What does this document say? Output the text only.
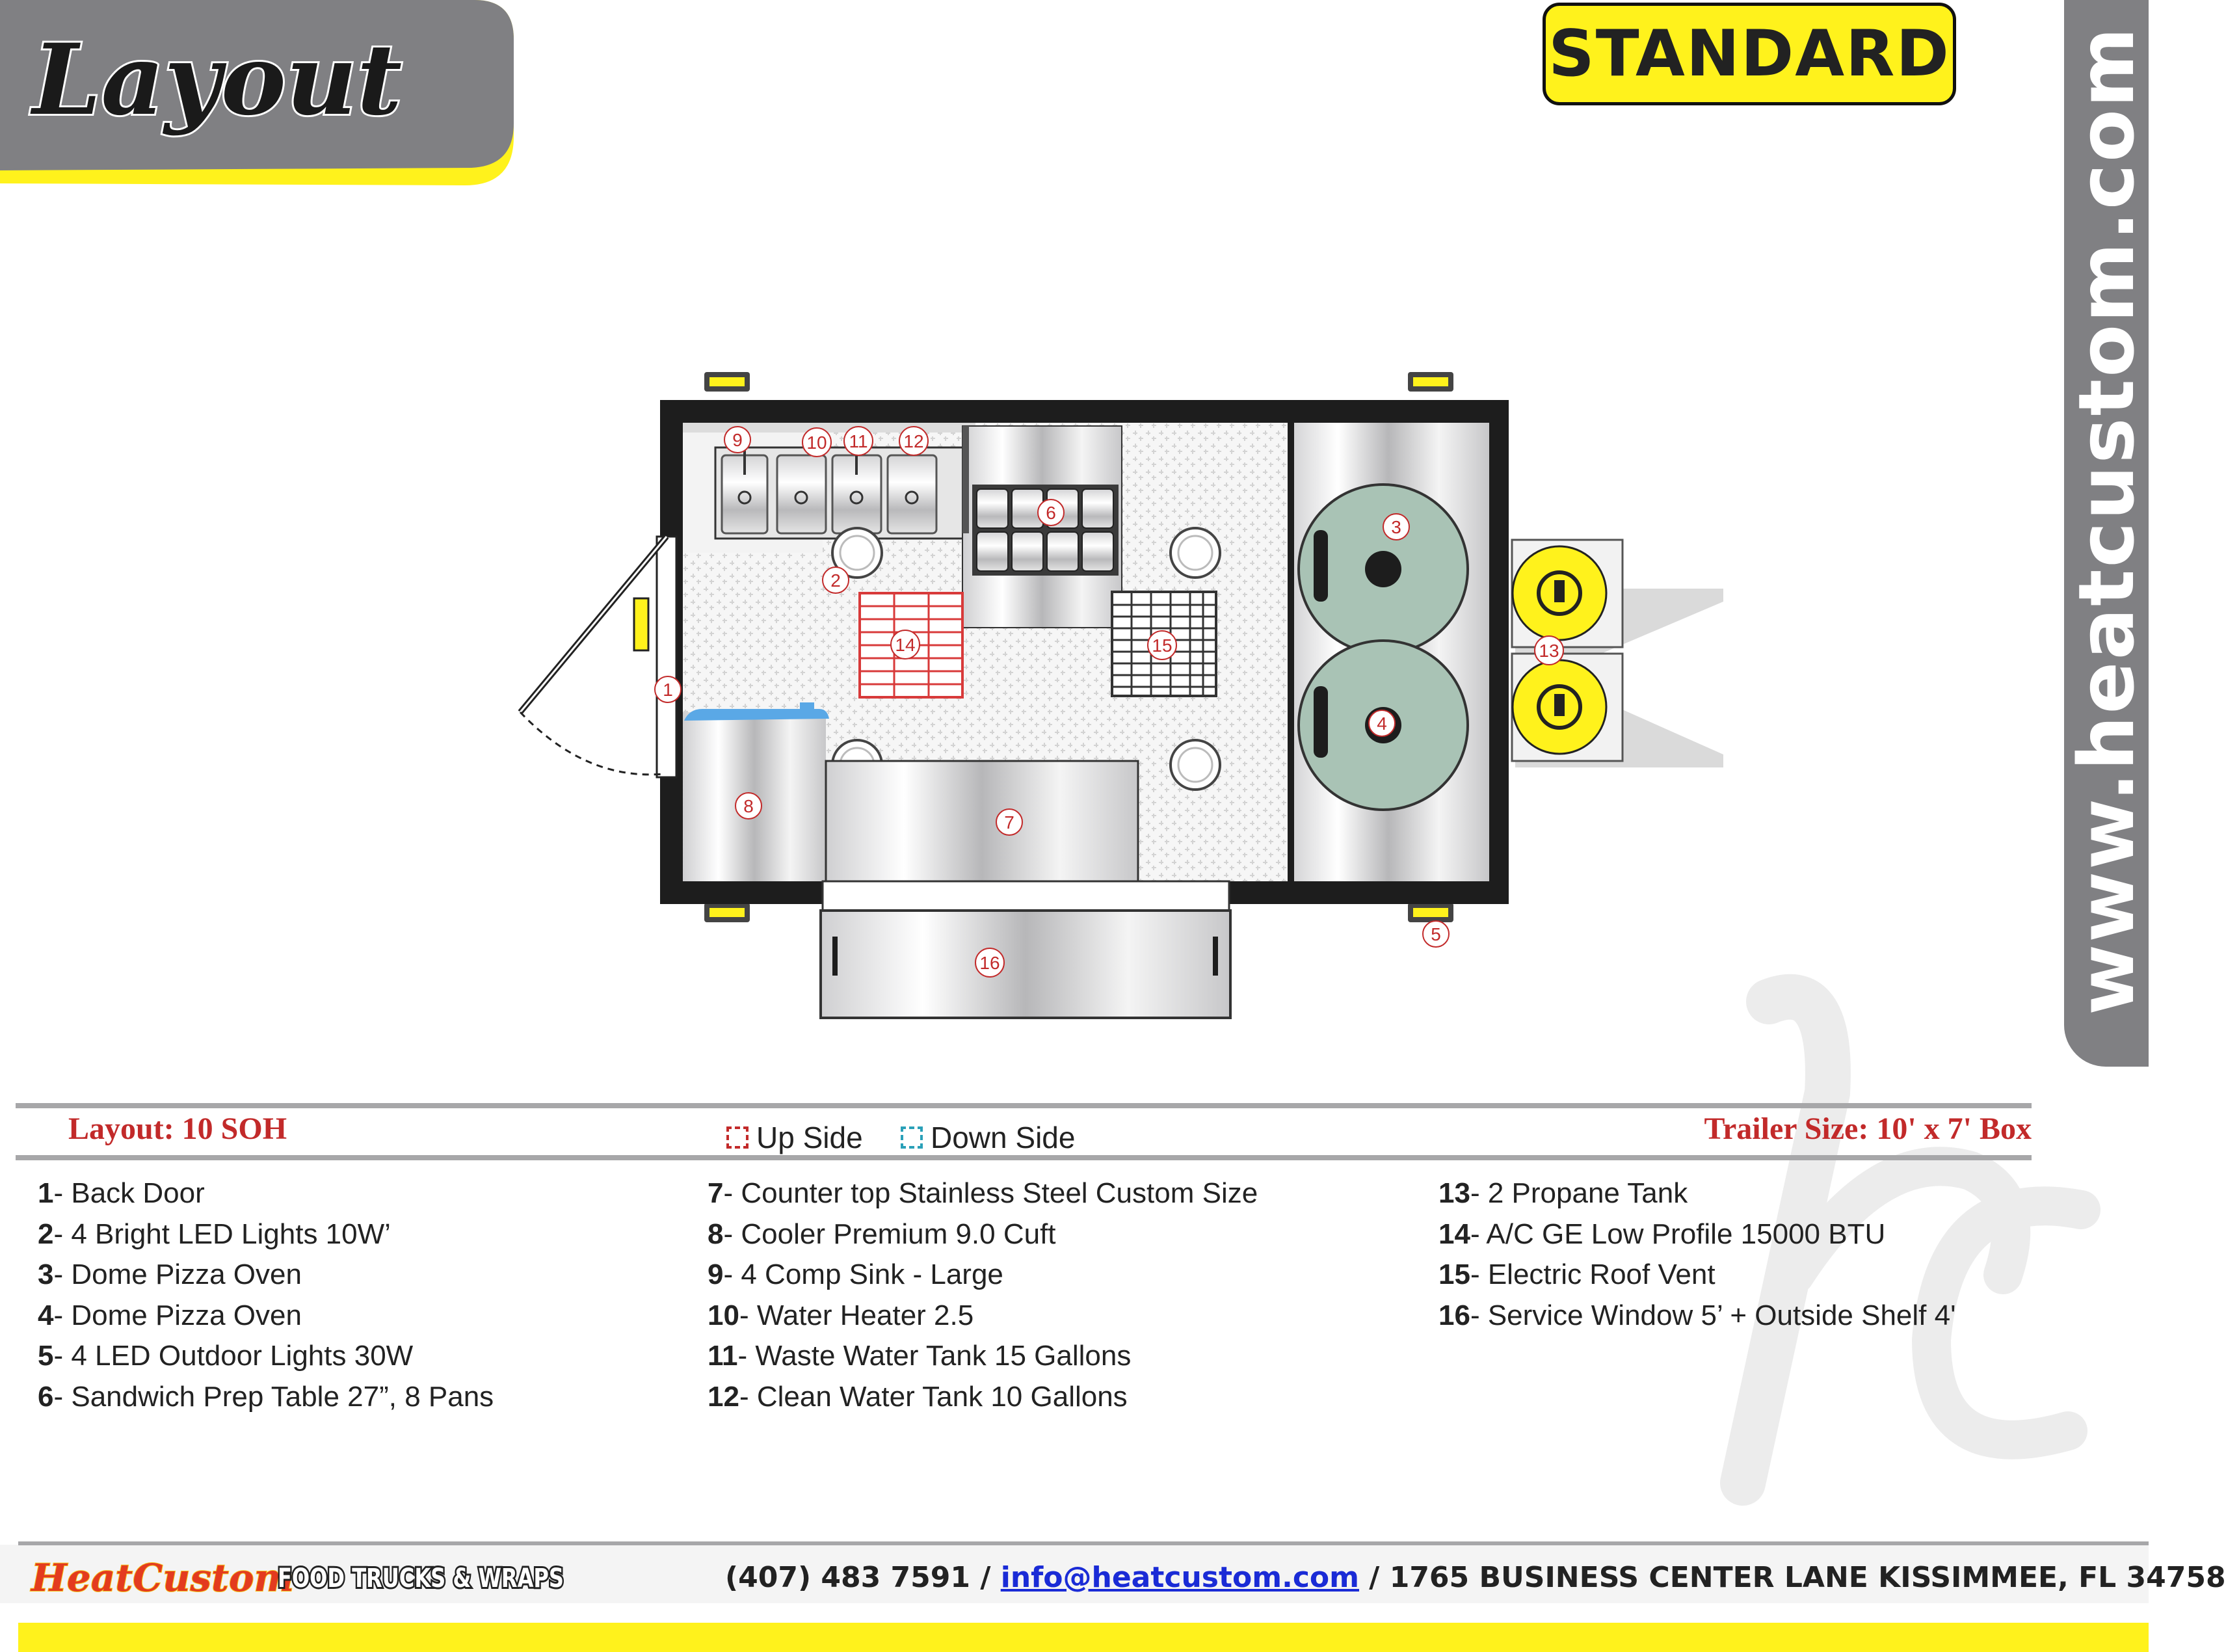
Layout	STANDARD www.heatcustom.com
1
2
3
4
5
6
7
8
9	10 11 12
13
14	15
16
Layout: 10 SOH	Up Side Down Side	Trailer Size: 10' x 7' Box
1- Back Door
2- 4 Bright LED Lights 10W’
3- Dome Pizza Oven
4- Dome Pizza Oven
5- 4 LED Outdoor Lights 30W
6- Sandwich Prep Table 27”, 8 Pans
7- Counter top Stainless Steel Custom Size
8- Cooler Premium 9.0 Cuft
9- 4 Comp Sink - Large
10- Water Heater 2.5
11- Waste Water Tank 15 Gallons
12- Clean Water Tank 10 Gallons
13- 2 Propane Tank
14- A/C GE Low Profile 15000 BTU
15- Electric Roof Vent
16- Service Window 5’ + Outside Shelf 4'
HeatCustom
FOOD TRUCKS & WRAPS	(407) 483 7591 / info@heatcustom.com / 1765 BUSINESS CENTER LANE KISSIMMEE, FL 34758
